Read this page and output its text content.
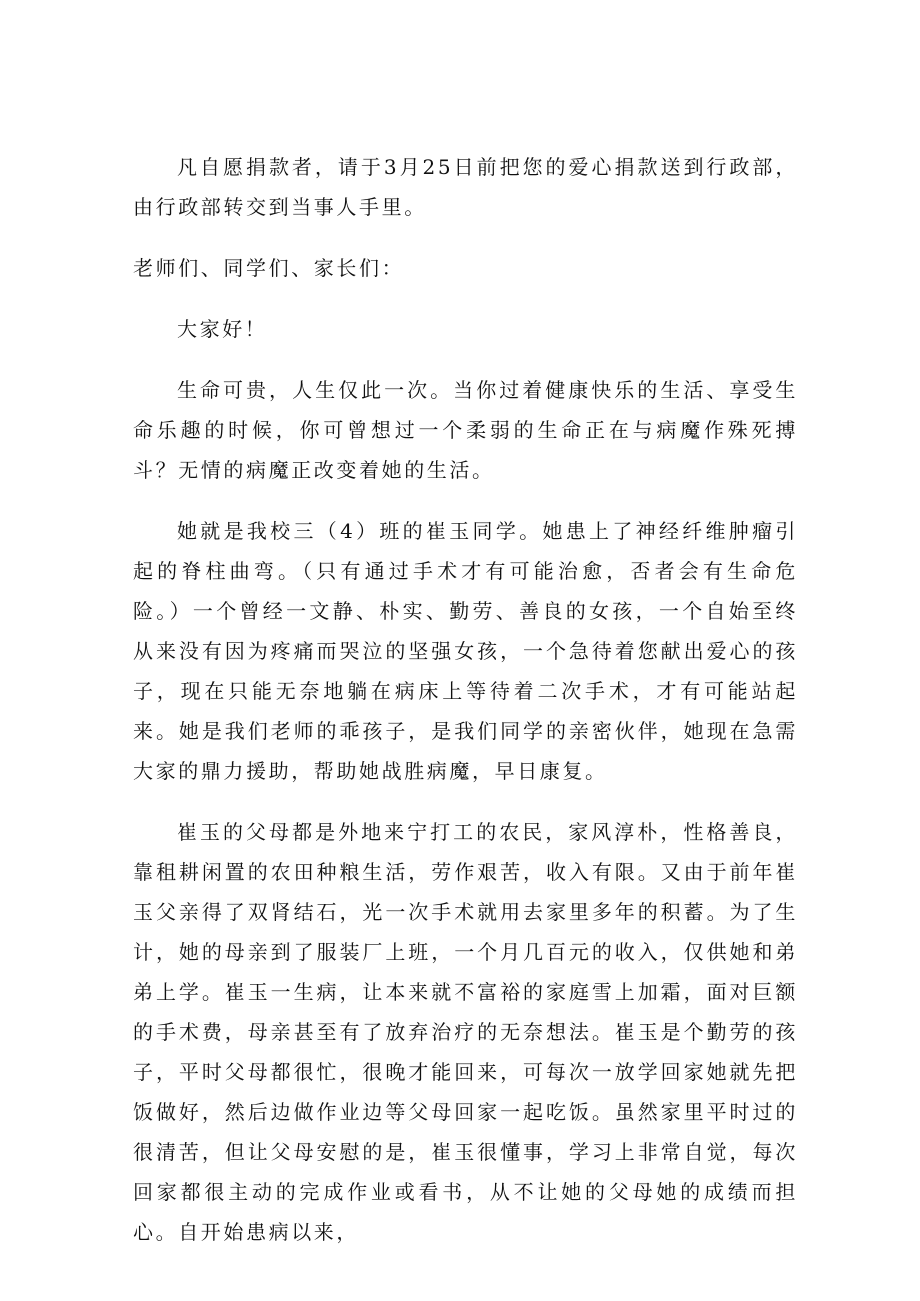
凡自愿捐款者，请于3月25日前把您的爱心捐款送到行政部，由行政部转交到当事人手里。

老师们、同学们、家长们：

大家好！

生命可贵，人生仅此一次。当你过着健康快乐的生活、享受生命乐趣的时候，你可曾想过一个柔弱的生命正在与病魔作殊死搏斗？无情的病魔正改变着她的生活。

她就是我校三（4）班的崔玉同学。她患上了神经纤维肿瘤引起的脊柱曲弯。（只有通过手术才有可能治愈，否者会有生命危险。）一个曾经一文静、朴实、勤劳、善良的女孩，一个自始至终从来没有因为疼痛而哭泣的坚强女孩，一个急待着您献出爱心的孩子，现在只能无奈地躺在病床上等待着二次手术，才有可能站起来。她是我们老师的乖孩子，是我们同学的亲密伙伴，她现在急需大家的鼎力援助，帮助她战胜病魔，早日康复。

崔玉的父母都是外地来宁打工的农民，家风淳朴，性格善良，靠租耕闲置的农田种粮生活，劳作艰苦，收入有限。又由于前年崔玉父亲得了双肾结石，光一次手术就用去家里多年的积蓄。为了生计，她的母亲到了服装厂上班，一个月几百元的收入，仅供她和弟弟上学。崔玉一生病，让本来就不富裕的家庭雪上加霜，面对巨额的手术费，母亲甚至有了放弃治疗的无奈想法。崔玉是个勤劳的孩子，平时父母都很忙，很晚才能回来，可每次一放学回家她就先把饭做好，然后边做作业边等父母回家一起吃饭。虽然家里平时过的很清苦，但让父母安慰的是，崔玉很懂事，学习上非常自觉，每次回家都很主动的完成作业或看书，从不让她的父母她的成绩而担心。自开始患病以来，
